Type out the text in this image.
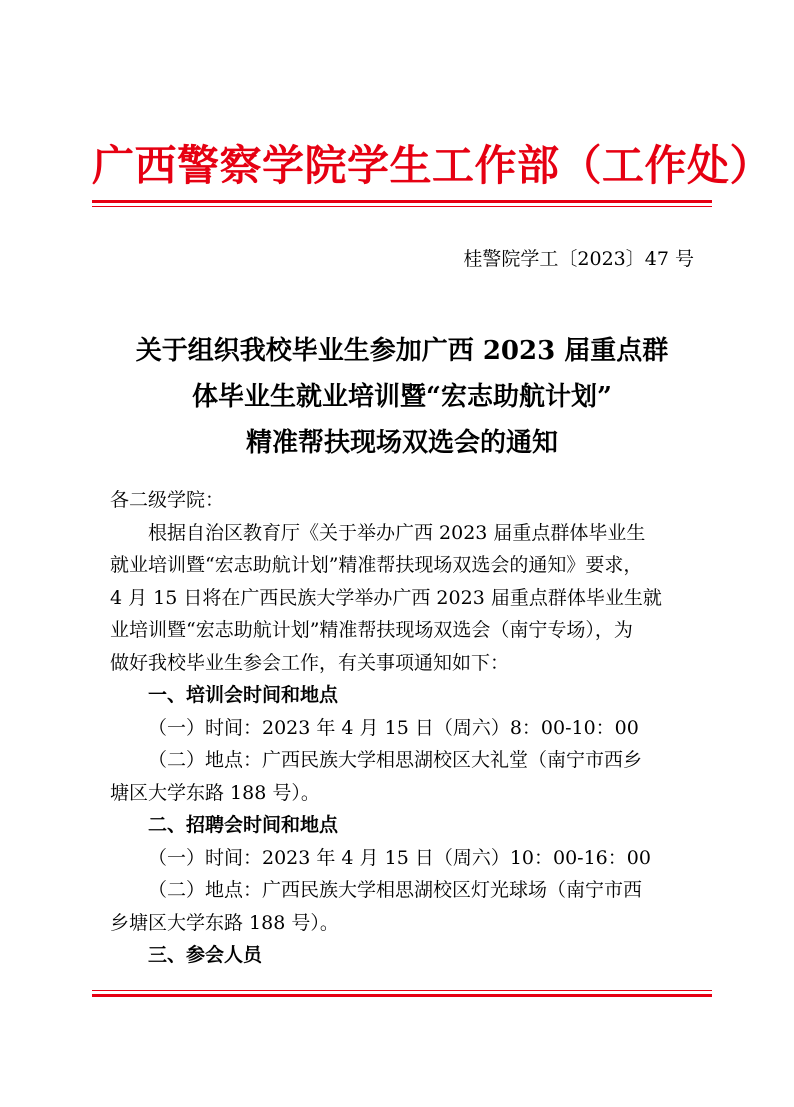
广西警察学院学生工作部（工作处）
桂警院学工〔2023〕47 号
关于组织我校毕业生参加广西 2023 届重点群
体毕业生就业培训暨“宏志助航计划”
精准帮扶现场双选会的通知

各二级学院：

根据自治区教育厅《关于举办广西 2023 届重点群体毕业生

就业培训暨“宏志助航计划”精准帮扶现场双选会的通知》要求，

4 月 15 日将在广西民族大学举办广西 2023 届重点群体毕业生就

业培训暨“宏志助航计划”精准帮扶现场双选会（南宁专场），为

做好我校毕业生参会工作，有关事项通知如下：

一、培训会时间和地点

（一）时间：2023 年 4 月 15 日（周六）8：00-10：00

（二）地点：广西民族大学相思湖校区大礼堂（南宁市西乡

塘区大学东路 188 号）。

二、招聘会时间和地点

（一）时间：2023 年 4 月 15 日（周六）10：00-16：00

（二）地点：广西民族大学相思湖校区灯光球场（南宁市西

乡塘区大学东路 188 号）。

三、参会人员
